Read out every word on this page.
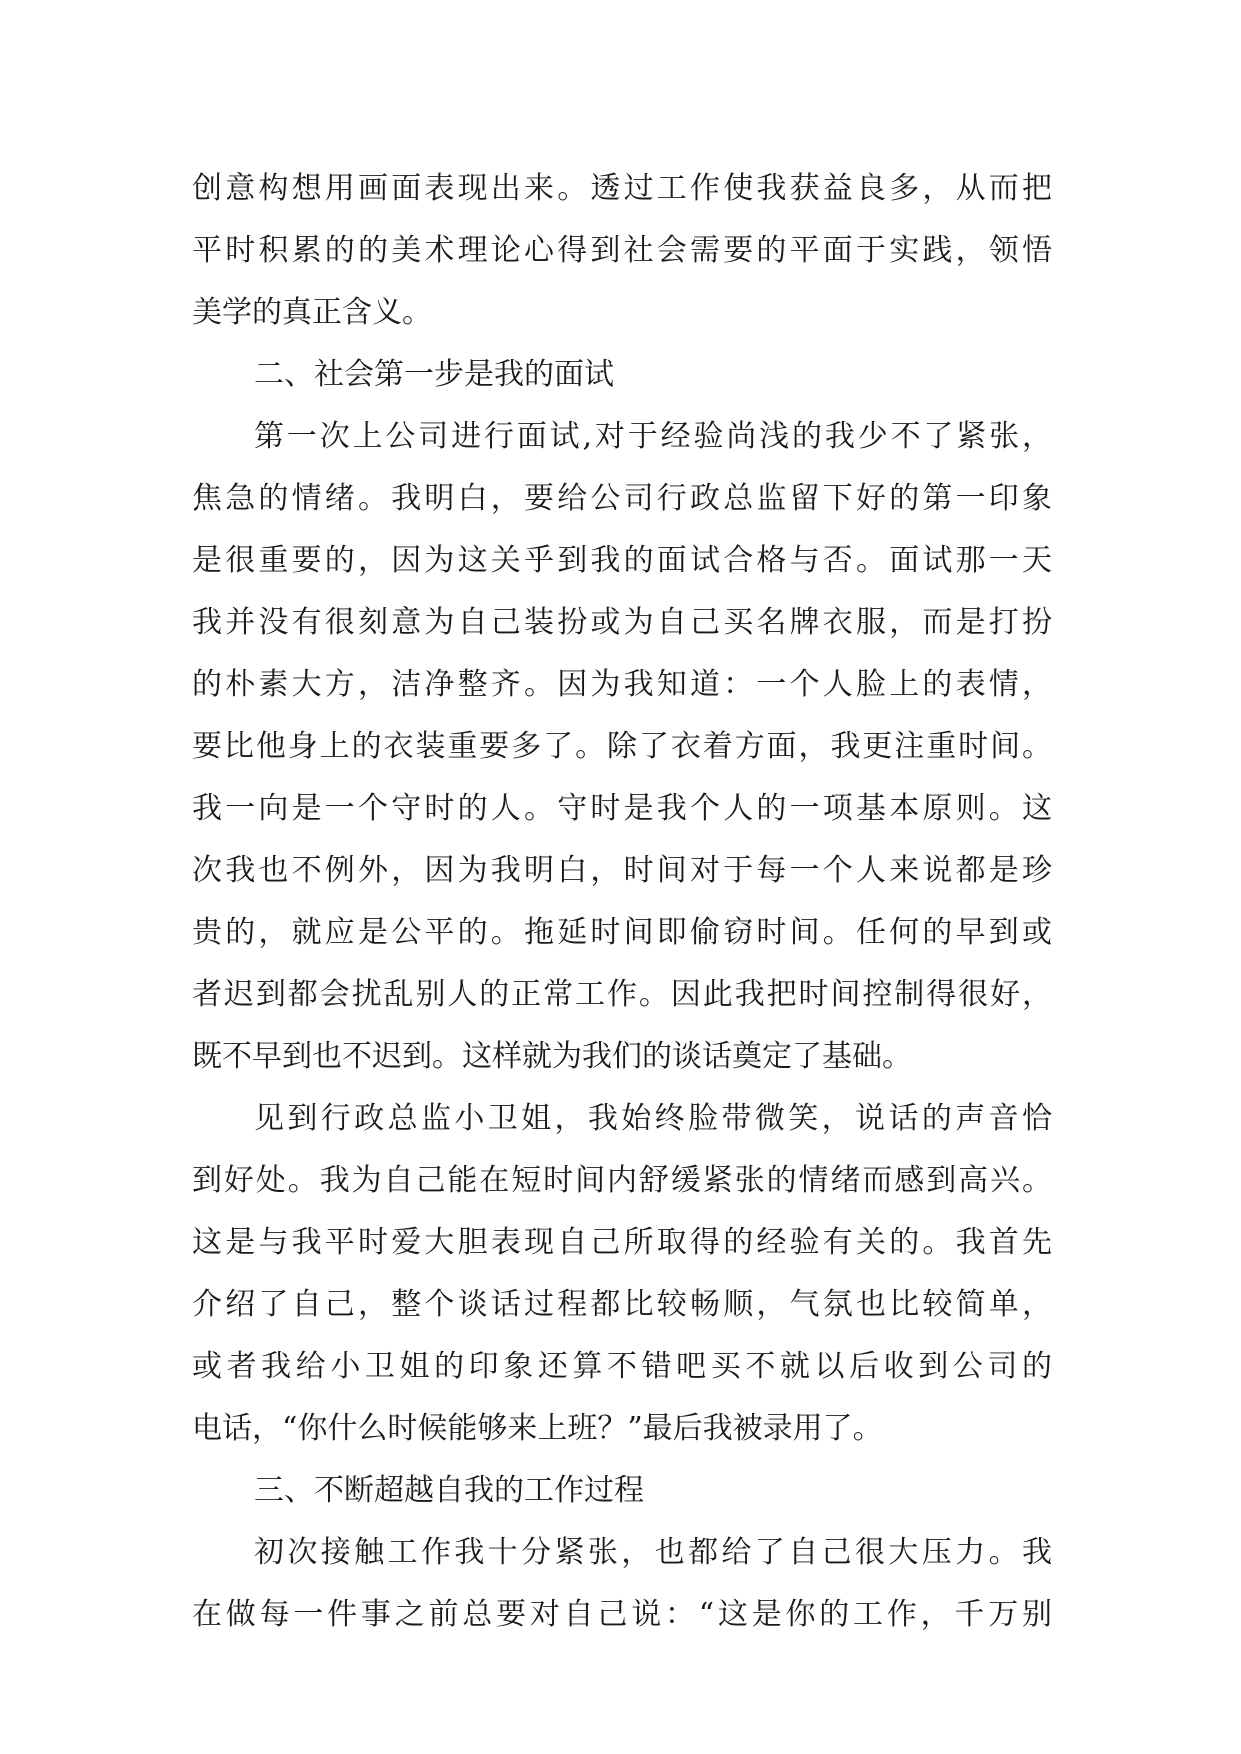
创意构想用画面表现出来。透过工作使我获益良多，从而把
平时积累的的美术理论心得到社会需要的平面于实践，领悟
美学的真正含义。
二、社会第一步是我的面试
第一次上公司进行面试,对于经验尚浅的我少不了紧张，
焦急的情绪。我明白，要给公司行政总监留下好的第一印象
是很重要的，因为这关乎到我的面试合格与否。面试那一天
我并没有很刻意为自己装扮或为自己买名牌衣服，而是打扮
的朴素大方，洁净整齐。因为我知道：一个人脸上的表情，
要比他身上的衣装重要多了。除了衣着方面，我更注重时间。
我一向是一个守时的人。守时是我个人的一项基本原则。这
次我也不例外，因为我明白，时间对于每一个人来说都是珍
贵的，就应是公平的。拖延时间即偷窃时间。任何的早到或
者迟到都会扰乱别人的正常工作。因此我把时间控制得很好，
既不早到也不迟到。这样就为我们的谈话奠定了基础。
见到行政总监小卫姐，我始终脸带微笑，说话的声音恰
到好处。我为自己能在短时间内舒缓紧张的情绪而感到高兴。
这是与我平时爱大胆表现自己所取得的经验有关的。我首先
介绍了自己，整个谈话过程都比较畅顺，气氛也比较简单，
或者我给小卫姐的印象还算不错吧买不就以后收到公司的
电话，“你什么时候能够来上班？”最后我被录用了。
三、不断超越自我的工作过程
初次接触工作我十分紧张，也都给了自己很大压力。我
在做每一件事之前总要对自己说：“这是你的工作，千万别
